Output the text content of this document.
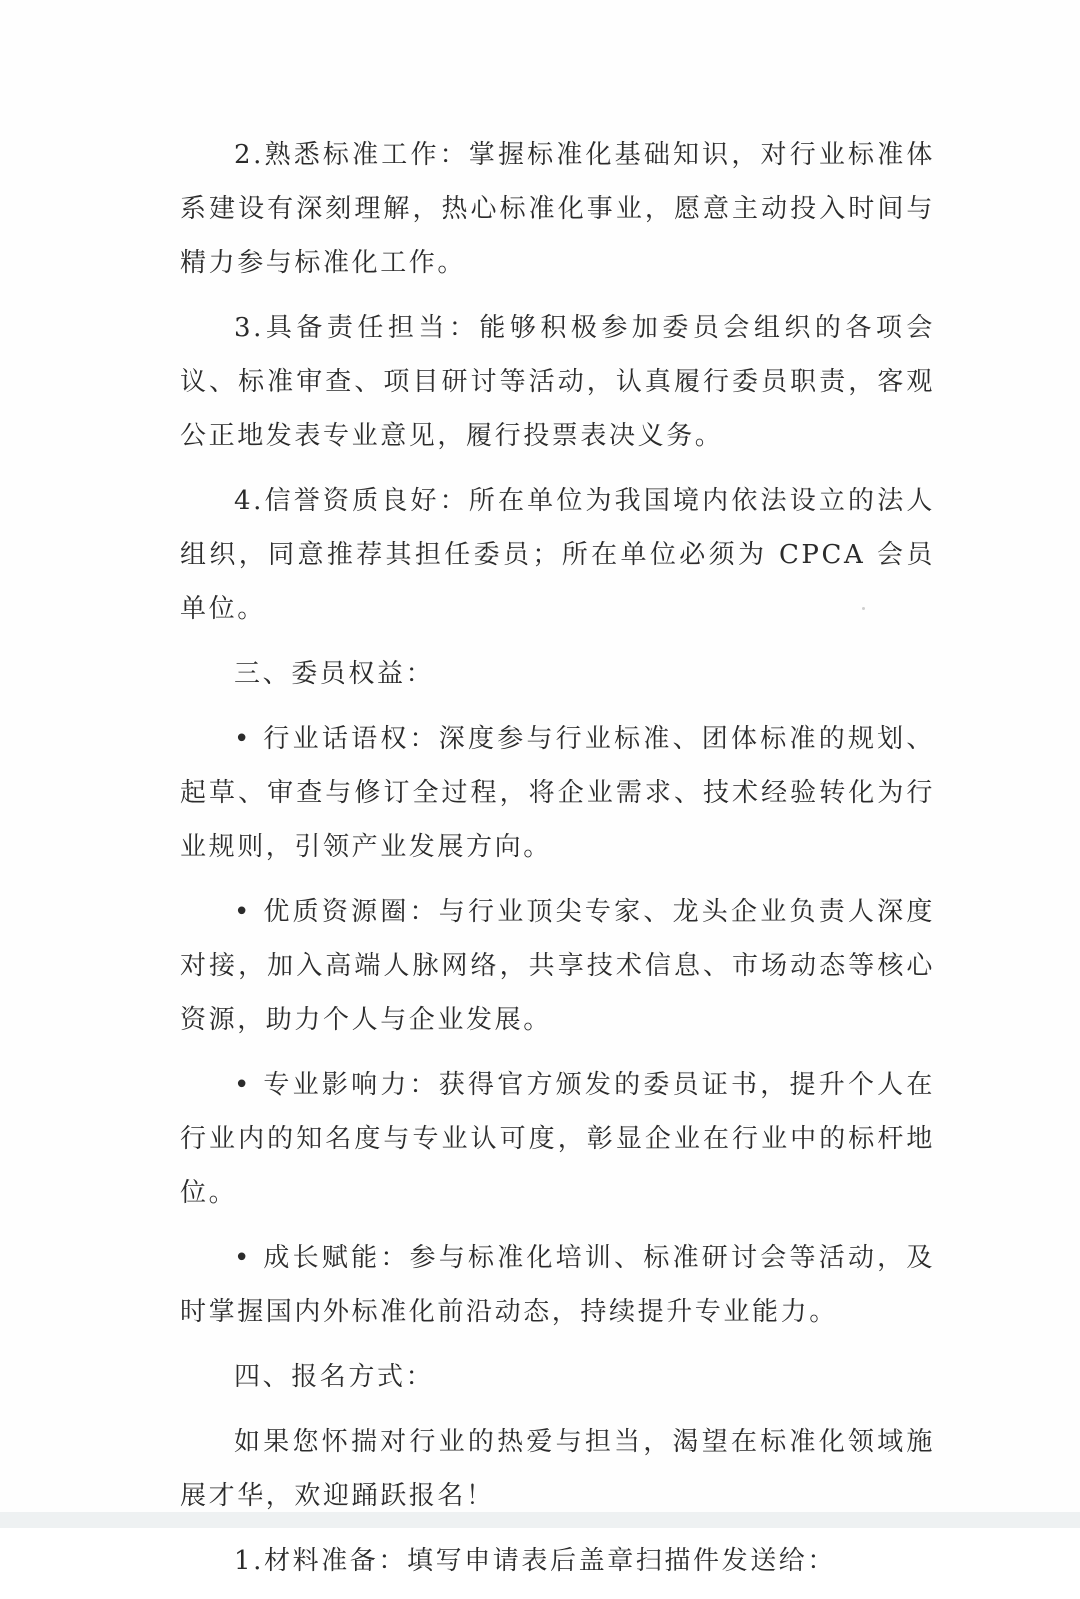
2.熟悉标准工作：掌握标准化基础知识，对行业标准体系建设有深刻理解，热心标准化事业，愿意主动投入时间与精力参与标准化工作。

3.具备责任担当：能够积极参加委员会组织的各项会议、标准审查、项目研讨等活动，认真履行委员职责，客观公正地发表专业意见，履行投票表决义务。

4.信誉资质良好：所在单位为我国境内依法设立的法人组织，同意推荐其担任委员；所在单位必须为 CPCA 会员单位。

三、委员权益：

• 行业话语权：深度参与行业标准、团体标准的规划、起草、审查与修订全过程，将企业需求、技术经验转化为行业规则，引领产业发展方向。

• 优质资源圈：与行业顶尖专家、龙头企业负责人深度对接，加入高端人脉网络，共享技术信息、市场动态等核心资源，助力个人与企业发展。

• 专业影响力：获得官方颁发的委员证书，提升个人在行业内的知名度与专业认可度，彰显企业在行业中的标杆地位。

• 成长赋能：参与标准化培训、标准研讨会等活动，及时掌握国内外标准化前沿动态，持续提升专业能力。

四、报名方式：

如果您怀揣对行业的热爱与担当，渴望在标准化领域施展才华，欢迎踊跃报名！

1.材料准备：填写申请表后盖章扫描件发送给：
